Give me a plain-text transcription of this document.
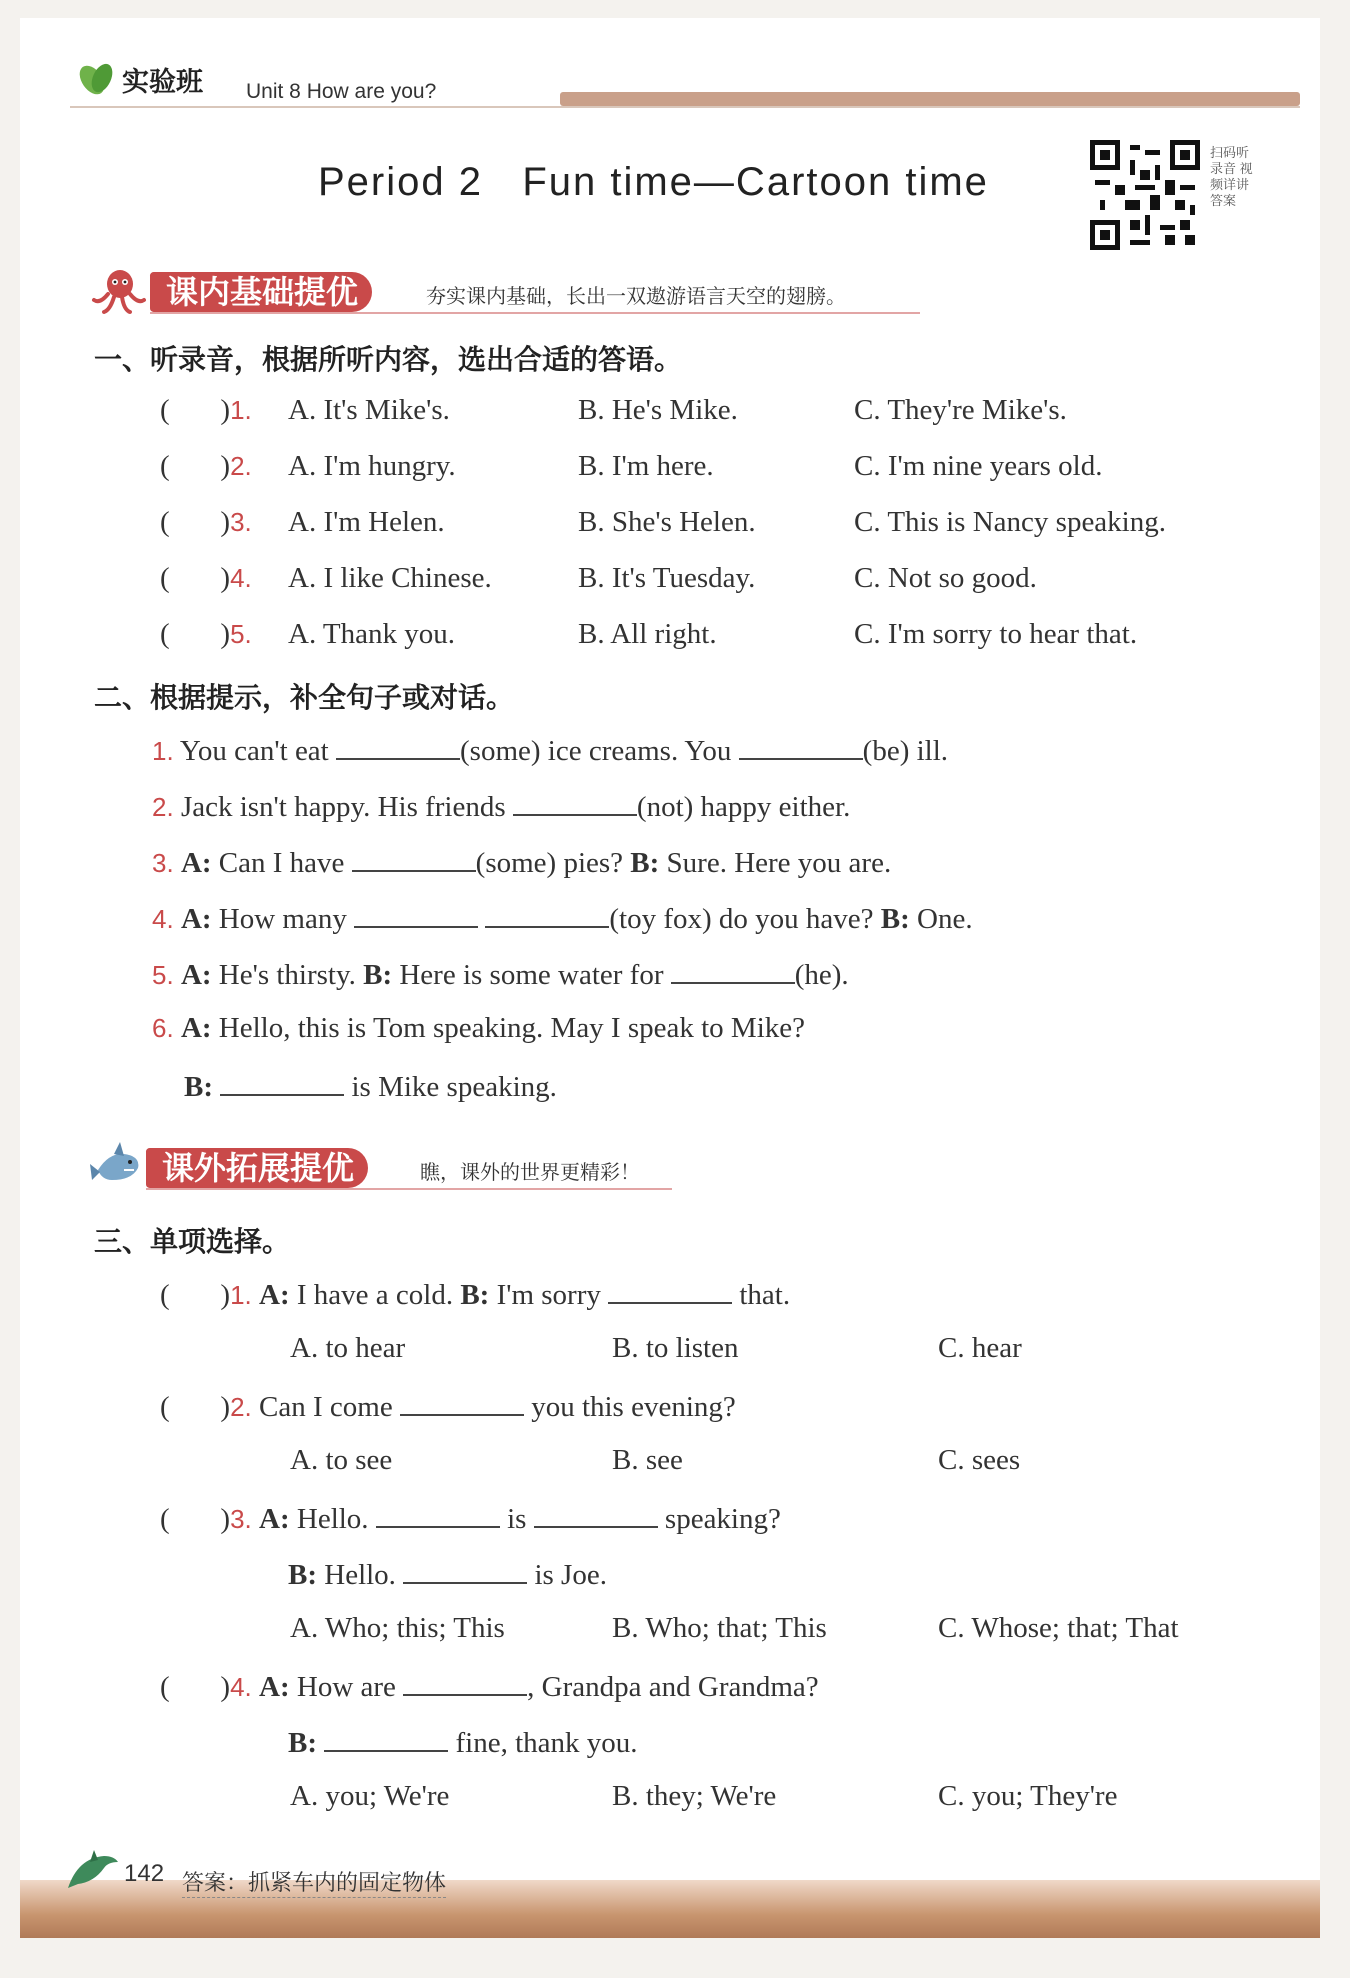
实验班 Unit 8 How are you?
Period 2   Fun time—Cartoon time
扫码听录音 视频详讲答案
课内基础提优	夯实课内基础，长出一双遨游语言天空的翅膀。
一、听录音，根据所听内容，选出合适的答语。
(       )1. A. It's Mike's.	B. He's Mike.	C. They're Mike's.
(       )2. A. I'm hungry.	B. I'm here.	C. I'm nine years old.
(       )3. A. I'm Helen.	B. She's Helen.	C. This is Nancy speaking.
(       )4. A. I like Chinese.	B. It's Tuesday.	C. Not so good.
(       )5. A. Thank you.	B. All right.	C. I'm sorry to hear that.
二、根据提示，补全句子或对话。
1. You can't eat	(some) ice creams. You	(be) ill.
2. Jack isn't happy. His friends	(not) happy either.
3. A: Can I have	(some) pies? B: Sure. Here you are.
4. A: How many	(toy fox) do you have? B: One.
5. A: He's thirsty. B: Here is some water for	(he).
6. A: Hello, this is Tom speaking. May I speak to Mike?
B:	is Mike speaking.
课外拓展提优	瞧，课外的世界更精彩！
三、单项选择。
(       )1. A: I have a cold. B: I'm sorry	that.
A. to hear	B. to listen	C. hear
(       )2. Can I come	you this evening?
A. to see	B. see	C. sees
(       )3. A: Hello.	is	speaking?
B: Hello.	is Joe.
A. Who; this; This	B. Who; that; This	C. Whose; that; That
(       )4. A: How are	, Grandpa and Grandma?
B:	fine, thank you.
A. you; We're	B. they; We're	C. you; They're
142 答案：抓紧车内的固定物体
